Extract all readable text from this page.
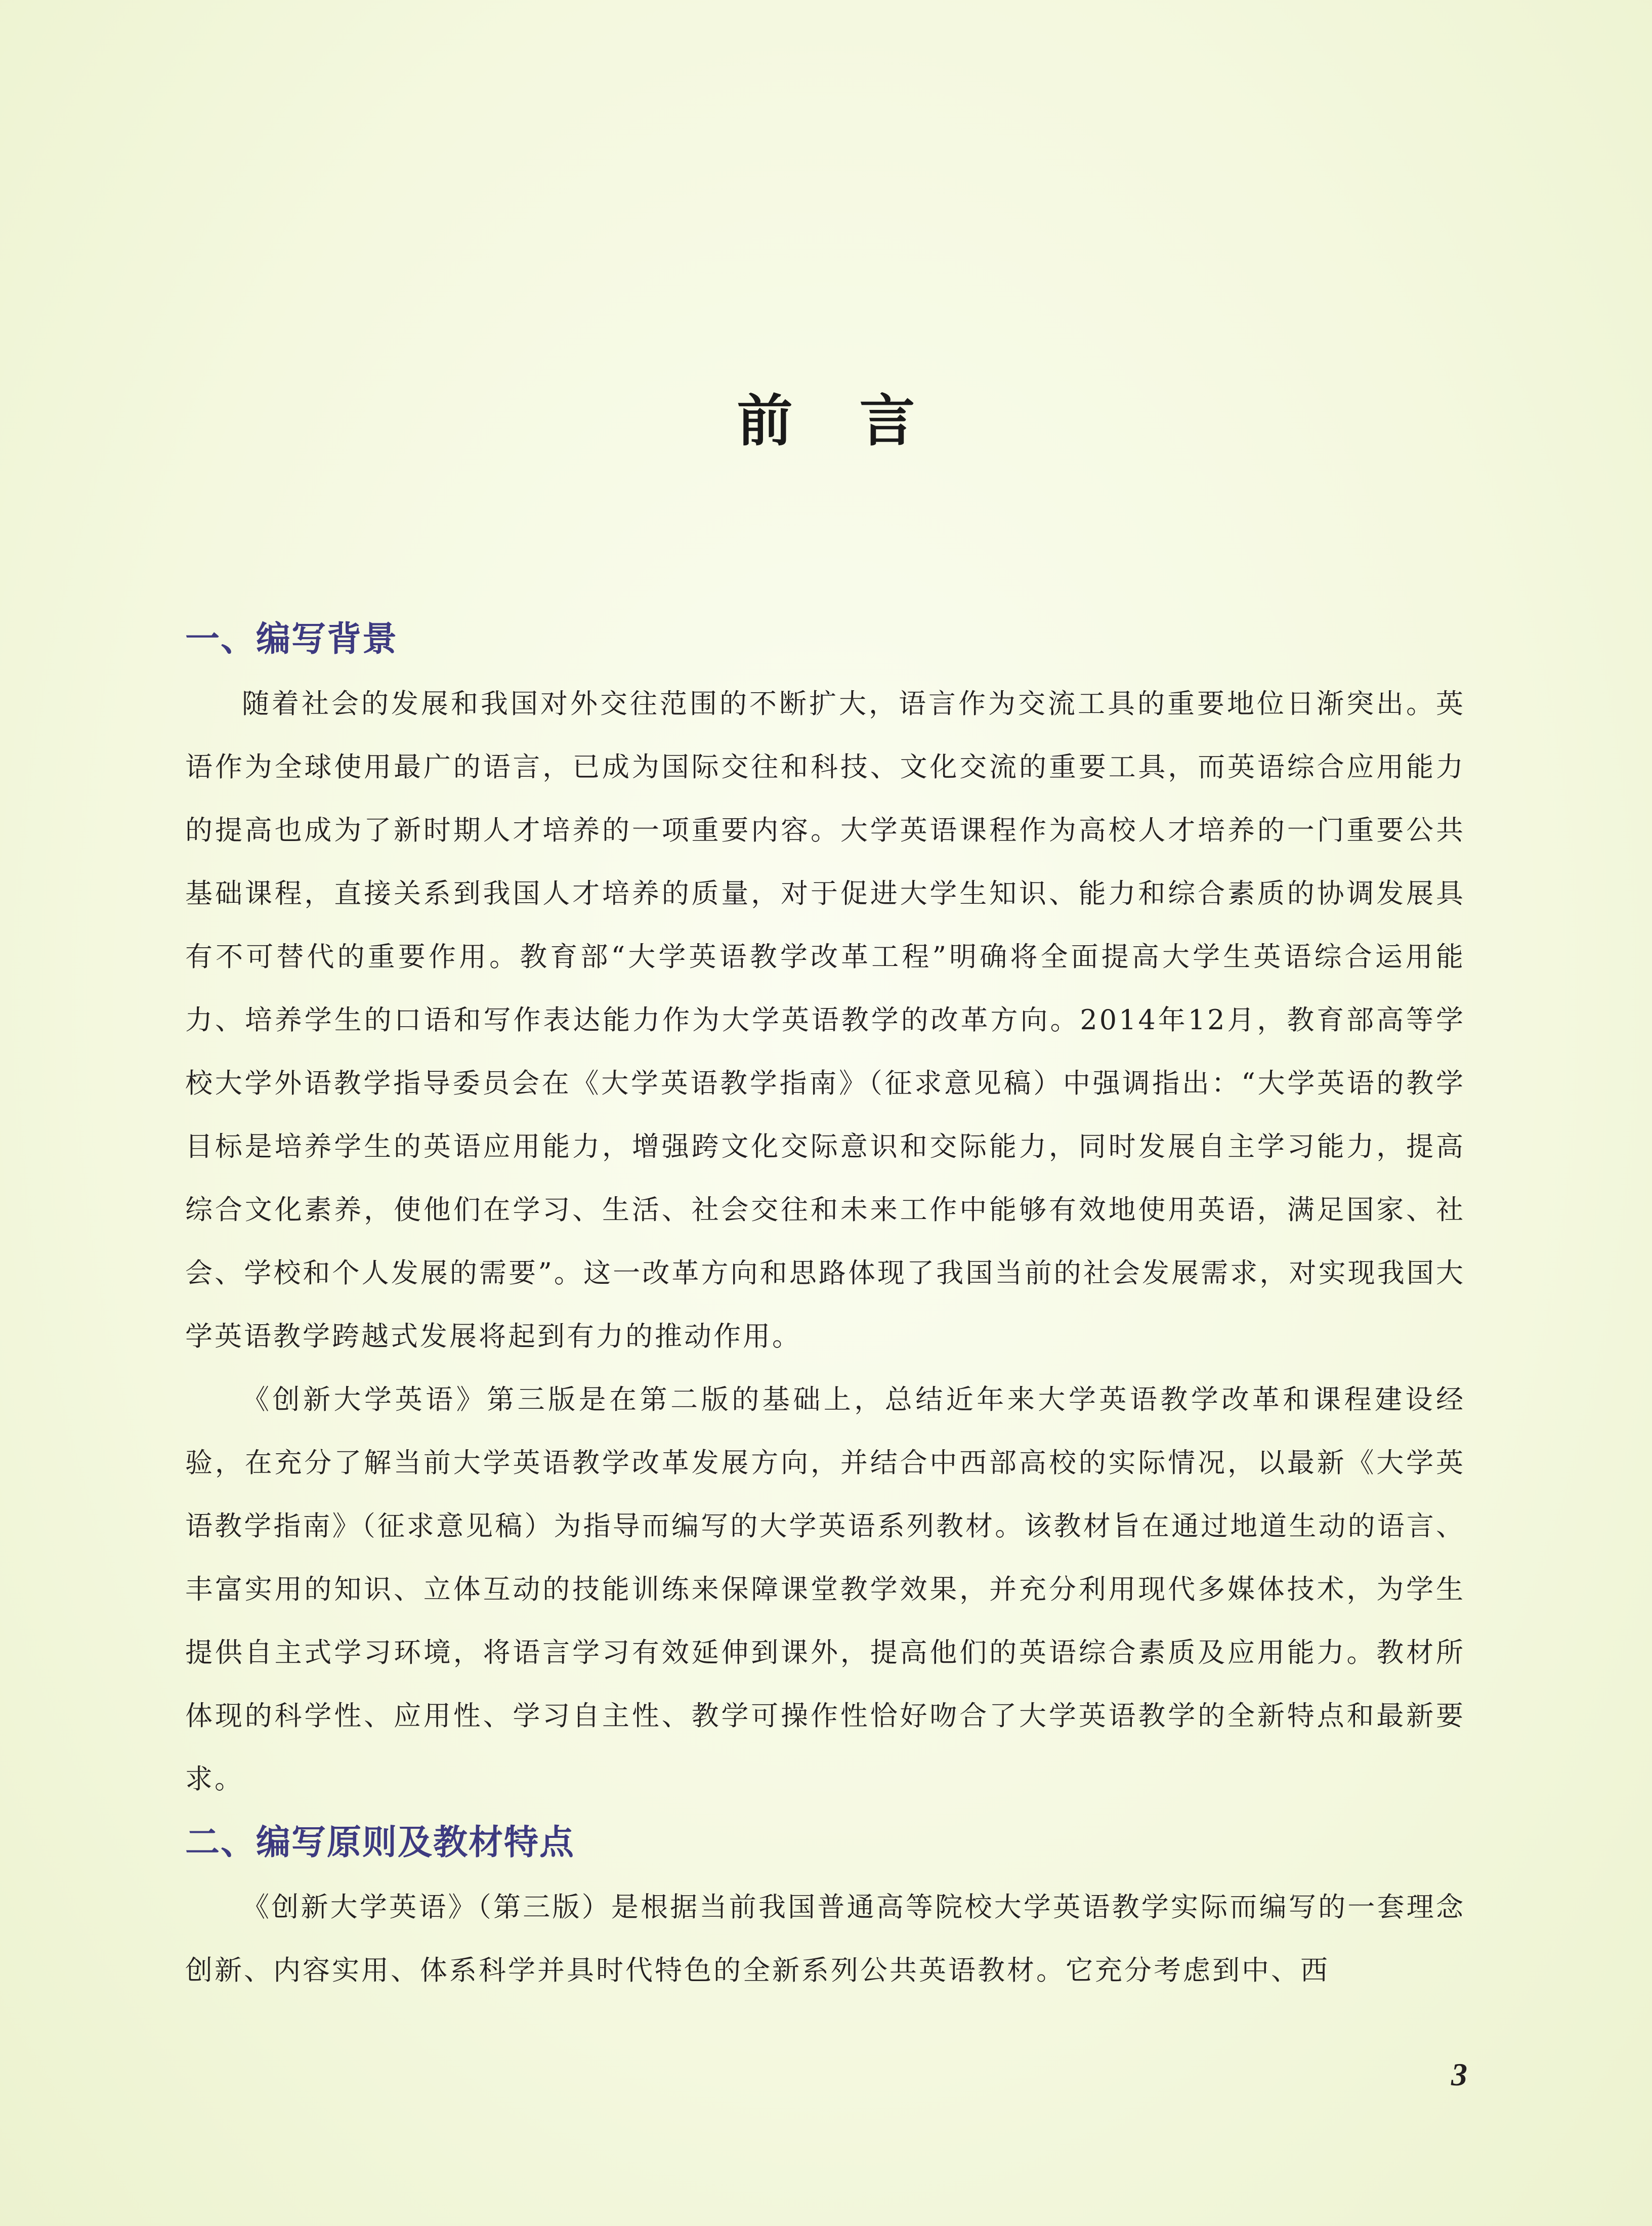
前言
一、编写背景

随着社会的发展和我国对外交往范围的不断扩大，语言作为交流工具的重要地位日渐突出。英语作为全球使用最广的语言，已成为国际交往和科技、文化交流的重要工具，而英语综合应用能力的提高也成为了新时期人才培养的一项重要内容。大学英语课程作为高校人才培养的一门重要公共基础课程，直接关系到我国人才培养的质量，对于促进大学生知识、能力和综合素质的协调发展具有不可替代的重要作用。教育部“大学英语教学改革工程”明确将全面提高大学生英语综合运用能力、培养学生的口语和写作表达能力作为大学英语教学的改革方向。2014年12月，教育部高等学校大学外语教学指导委员会在《大学英语教学指南》（征求意见稿）中强调指出：“大学英语的教学目标是培养学生的英语应用能力，增强跨文化交际意识和交际能力，同时发展自主学习能力，提高综合文化素养，使他们在学习、生活、社会交往和未来工作中能够有效地使用英语，满足国家、社会、学校和个人发展的需要”。这一改革方向和思路体现了我国当前的社会发展需求，对实现我国大学英语教学跨越式发展将起到有力的推动作用。

《创新大学英语》第三版是在第二版的基础上，总结近年来大学英语教学改革和课程建设经验，在充分了解当前大学英语教学改革发展方向，并结合中西部高校的实际情况，以最新《大学英语教学指南》（征求意见稿）为指导而编写的大学英语系列教材。该教材旨在通过地道生动的语言、丰富实用的知识、立体互动的技能训练来保障课堂教学效果，并充分利用现代多媒体技术，为学生提供自主式学习环境，将语言学习有效延伸到课外，提高他们的英语综合素质及应用能力。教材所体现的科学性、应用性、学习自主性、教学可操作性恰好吻合了大学英语教学的全新特点和最新要求。

二、编写原则及教材特点

《创新大学英语》（第三版）是根据当前我国普通高等院校大学英语教学实际而编写的一套理念创新、内容实用、体系科学并具时代特色的全新系列公共英语教材。它充分考虑到中、西

3
